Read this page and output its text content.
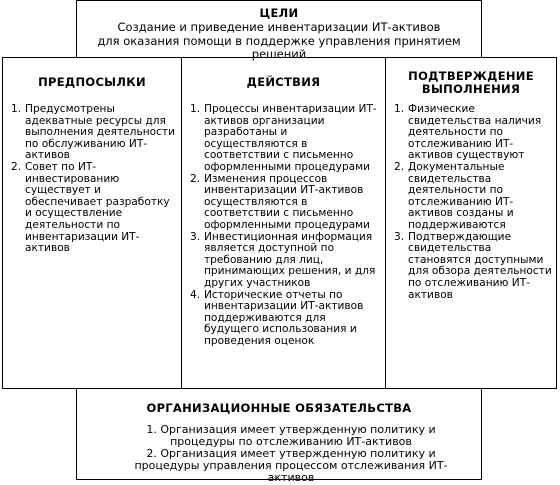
ЦЕЛИ
Создание и приведение инвентаризации ИТ-активов
для оказания помощи в поддержке управления принятием решений
ПРЕДПОСЫЛКИ
1. Предусмотрены адекватные ресурсы для выполнения деятельности по обслуживанию ИТ-активов
2. Совет по ИТ-инвестированию существует и обеспечивает разработку и осуществление деятельности по инвентаризации ИТ-активов
ДЕЙСТВИЯ
1. Процессы инвентаризации ИТ-активов организации разработаны и осуществляются в соответствии с письменно оформленными процедурами
2. Изменения процессов инвентаризации ИТ-активов осуществляются в соответствии с письменно оформленными процедурами
3. Инвестиционная информация является доступной по требованию для лиц, принимающих решения, и для других участников
4. Исторические отчеты по инвентаризации ИТ-активов поддерживаются для будущего использования и проведения оценок
ПОДТВЕРЖДЕНИЕ
ВЫПОЛНЕНИЯ
1. Физические свидетельства наличия деятельности по отслеживанию ИТ-активов существуют
2. Документальные свидетельства деятельности по отслеживанию ИТ-активов созданы и поддерживаются
3. Подтверждающие свидетельства становятся доступными для обзора деятельности по отслеживанию ИТ-активов
ОРГАНИЗАЦИОННЫЕ ОБЯЗАТЕЛЬСТВА
1. Организация имеет утвержденную политику и процедуры по отслеживанию ИТ-активов
2. Организация имеет утвержденную политику и процедуры управления процессом отслеживания ИТ-активов
